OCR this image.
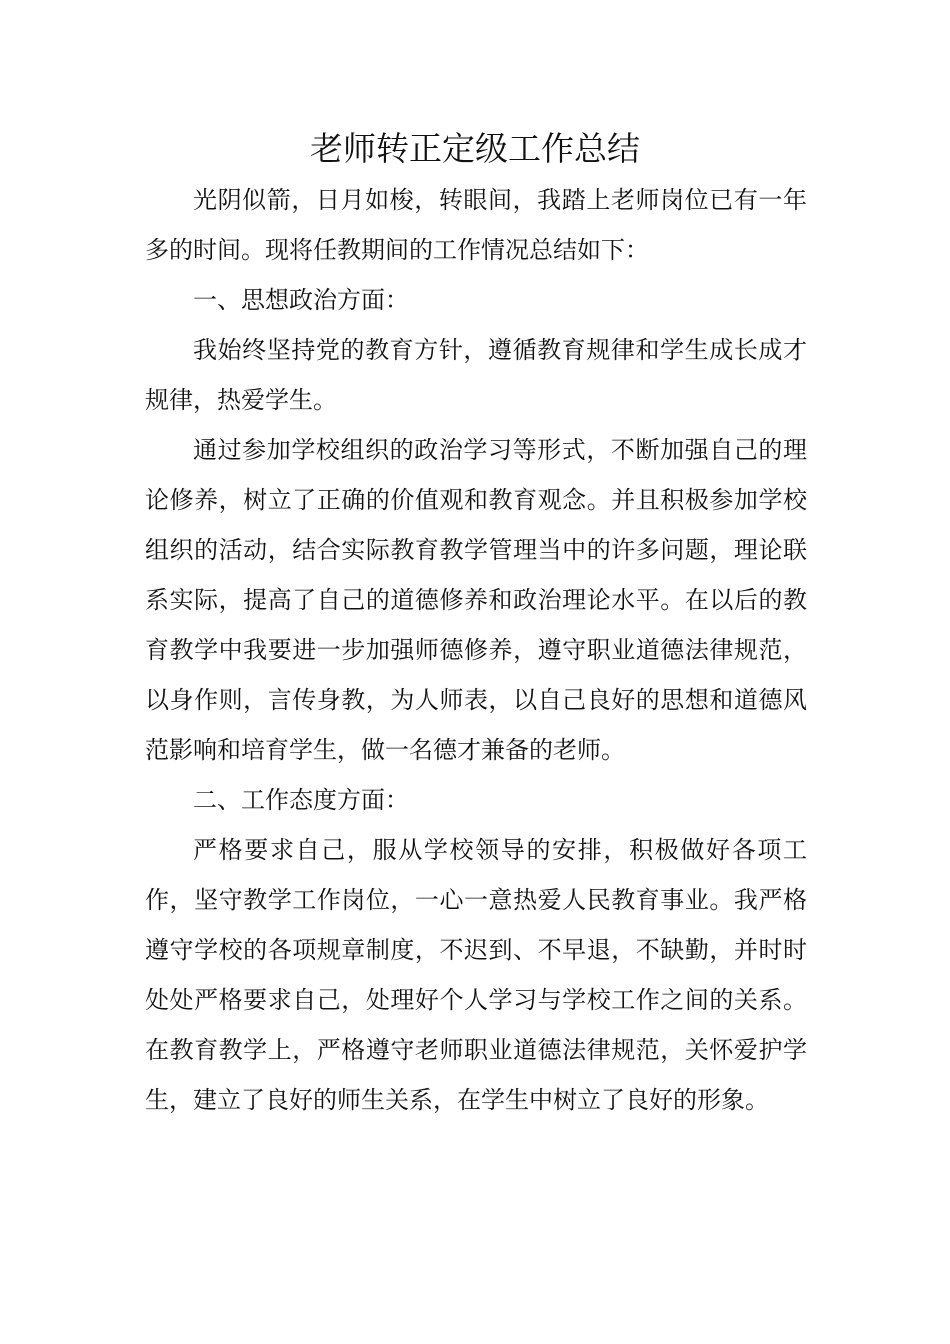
老师转正定级工作总结

光阴似箭，日月如梭，转眼间，我踏上老师岗位已有一年多的时间。现将任教期间的工作情况总结如下：

一、思想政治方面：

我始终坚持党的教育方针，遵循教育规律和学生成长成才规律，热爱学生。

通过参加学校组织的政治学习等形式，不断加强自己的理论修养，树立了正确的价值观和教育观念。并且积极参加学校组织的活动，结合实际教育教学管理当中的许多问题，理论联系实际，提高了自己的道德修养和政治理论水平。在以后的教育教学中我要进一步加强师德修养，遵守职业道德法律规范，以身作则，言传身教，为人师表，以自己良好的思想和道德风范影响和培育学生，做一名德才兼备的老师。

二、工作态度方面：

严格要求自己，服从学校领导的安排，积极做好各项工作，坚守教学工作岗位，一心一意热爱人民教育事业。我严格遵守学校的各项规章制度，不迟到、不早退，不缺勤，并时时处处严格要求自己，处理好个人学习与学校工作之间的关系。在教育教学上，严格遵守老师职业道德法律规范，关怀爱护学生，建立了良好的师生关系，在学生中树立了良好的形象。
